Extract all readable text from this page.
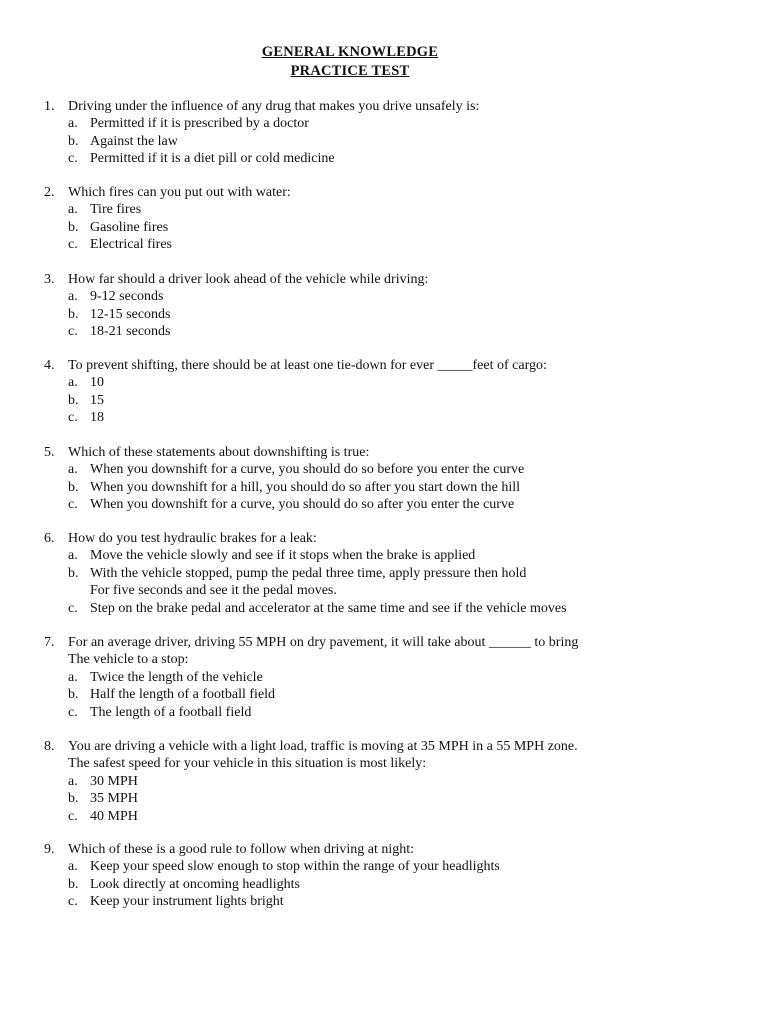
GENERAL KNOWLEDGE
PRACTICE TEST
1. Driving under the influence of any drug that makes you drive unsafely is:
a. Permitted if it is prescribed by a doctor
b. Against the law
c. Permitted if it is a diet pill or cold medicine
2. Which fires can you put out with water:
a. Tire fires
b. Gasoline fires
c. Electrical fires
3. How far should a driver look ahead of the vehicle while driving:
a. 9-12 seconds
b. 12-15 seconds
c. 18-21 seconds
4. To prevent shifting, there should be at least one tie-down for ever _____feet of cargo:
a. 10
b. 15
c. 18
5. Which of these statements about downshifting is true:
a. When you downshift for a curve, you should do so before you enter the curve
b. When you downshift for a hill, you should do so after you start down the hill
c. When you downshift for a curve, you should do so after you enter the curve
6. How do you test hydraulic brakes for a leak:
a. Move the vehicle slowly and see if it stops when the brake is applied
b. With the vehicle stopped, pump the pedal three time, apply pressure then hold
For five seconds and see it the pedal moves.
c. Step on the brake pedal and accelerator at the same time and see if the vehicle moves
7. For an average driver, driving 55 MPH on dry pavement, it will take about ______ to bring
The vehicle to a stop:
a. Twice the length of the vehicle
b. Half the length of a football field
c. The length of a football field
8. You are driving a vehicle with a light load, traffic is moving at 35 MPH in a 55 MPH zone.
The safest speed for your vehicle in this situation is most likely:
a. 30 MPH
b. 35 MPH
c. 40 MPH
9. Which of these is a good rule to follow when driving at night:
a. Keep your speed slow enough to stop within the range of your headlights
b. Look directly at oncoming headlights
c. Keep your instrument lights bright
